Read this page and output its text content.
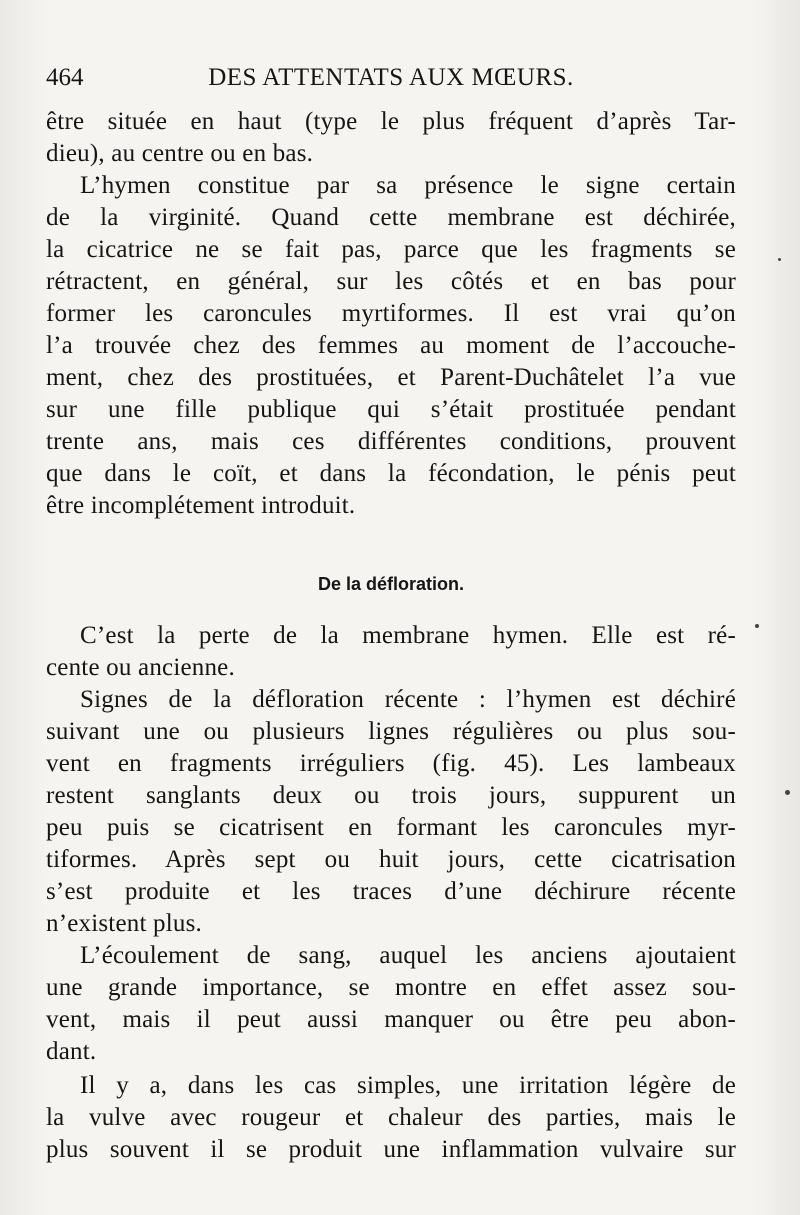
464	DES ATTENTATS AUX MŒURS.
être située en haut (type le plus fréquent d’après Tar-
dieu), au centre ou en bas.
L’hymen constitue par sa présence le signe certain
de la virginité. Quand cette membrane est déchirée,
la cicatrice ne se fait pas, parce que les fragments se
rétractent, en général, sur les côtés et en bas pour
former les caroncules myrtiformes. Il est vrai qu’on
l’a trouvée chez des femmes au moment de l’accouche-
ment, chez des prostituées, et Parent-Duchâtelet l’a vue
sur une fille publique qui s’était prostituée pendant
trente ans, mais ces différentes conditions, prouvent
que dans le coït, et dans la fécondation, le pénis peut
être incomplétement introduit.
De la défloration.
C’est la perte de la membrane hymen. Elle est ré-
cente ou ancienne.
Signes de la défloration récente : l’hymen est déchiré
suivant une ou plusieurs lignes régulières ou plus sou-
vent en fragments irréguliers (fig. 45). Les lambeaux
restent sanglants deux ou trois jours, suppurent un
peu puis se cicatrisent en formant les caroncules myr-
tiformes. Après sept ou huit jours, cette cicatrisation
s’est produite et les traces d’une déchirure récente
n’existent plus.
L’écoulement de sang, auquel les anciens ajoutaient
une grande importance, se montre en effet assez sou-
vent, mais il peut aussi manquer ou être peu abon-
dant.
Il y a, dans les cas simples, une irritation légère de
la vulve avec rougeur et chaleur des parties, mais le
plus souvent il se produit une inflammation vulvaire sur
